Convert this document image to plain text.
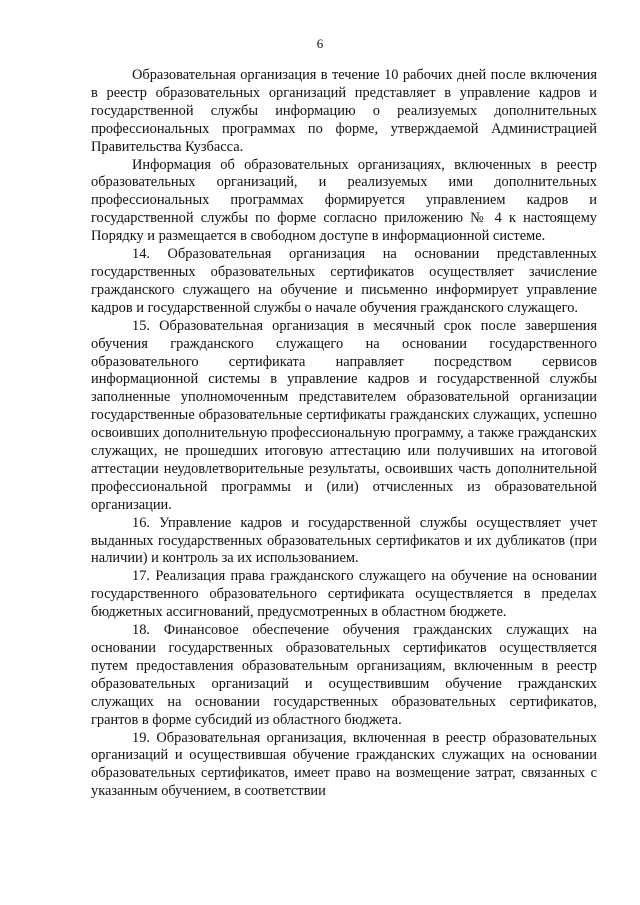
6

Образовательная организация в течение 10 рабочих дней после включения в реестр образовательных организаций представляет в управление кадров и государственной службы информацию о реализуемых дополнительных профессиональных программах по форме, утверждаемой Администрацией Правительства Кузбасса.

Информация об образовательных организациях, включенных в реестр образовательных организаций, и реализуемых ими дополнительных профессиональных программах формируется управлением кадров и государственной службы по форме согласно приложению № 4 к настоящему Порядку и размещается в свободном доступе в информационной системе.

14. Образовательная организация на основании представленных государственных образовательных сертификатов осуществляет зачисление гражданского служащего на обучение и письменно информирует управление кадров и государственной службы о начале обучения гражданского служащего.

15. Образовательная организация в месячный срок после завершения обучения гражданского служащего на основании государственного образовательного сертификата направляет посредством сервисов информационной системы в управление кадров и государственной службы заполненные уполномоченным представителем образовательной организации государственные образовательные сертификаты гражданских служащих, успешно освоивших дополнительную профессиональную программу, а также гражданских служащих, не прошедших итоговую аттестацию или получивших на итоговой аттестации неудовлетворительные результаты, освоивших часть дополнительной профессиональной программы и (или) отчисленных из образовательной организации.

16. Управление кадров и государственной службы осуществляет учет выданных государственных образовательных сертификатов и их дубликатов (при наличии) и контроль за их использованием.

17. Реализация права гражданского служащего на обучение на основании государственного образовательного сертификата осуществляется в пределах бюджетных ассигнований, предусмотренных в областном бюджете.

18. Финансовое обеспечение обучения гражданских служащих на основании государственных образовательных сертификатов осуществляется путем предоставления образовательным организациям, включенным в реестр образовательных организаций и осуществившим обучение гражданских служащих на основании государственных образовательных сертификатов, грантов в форме субсидий из областного бюджета.

19. Образовательная организация, включенная в реестр образовательных организаций и осуществившая обучение гражданских служащих на основании образовательных сертификатов, имеет право на возмещение затрат, связанных с указанным обучением, в соответствии
